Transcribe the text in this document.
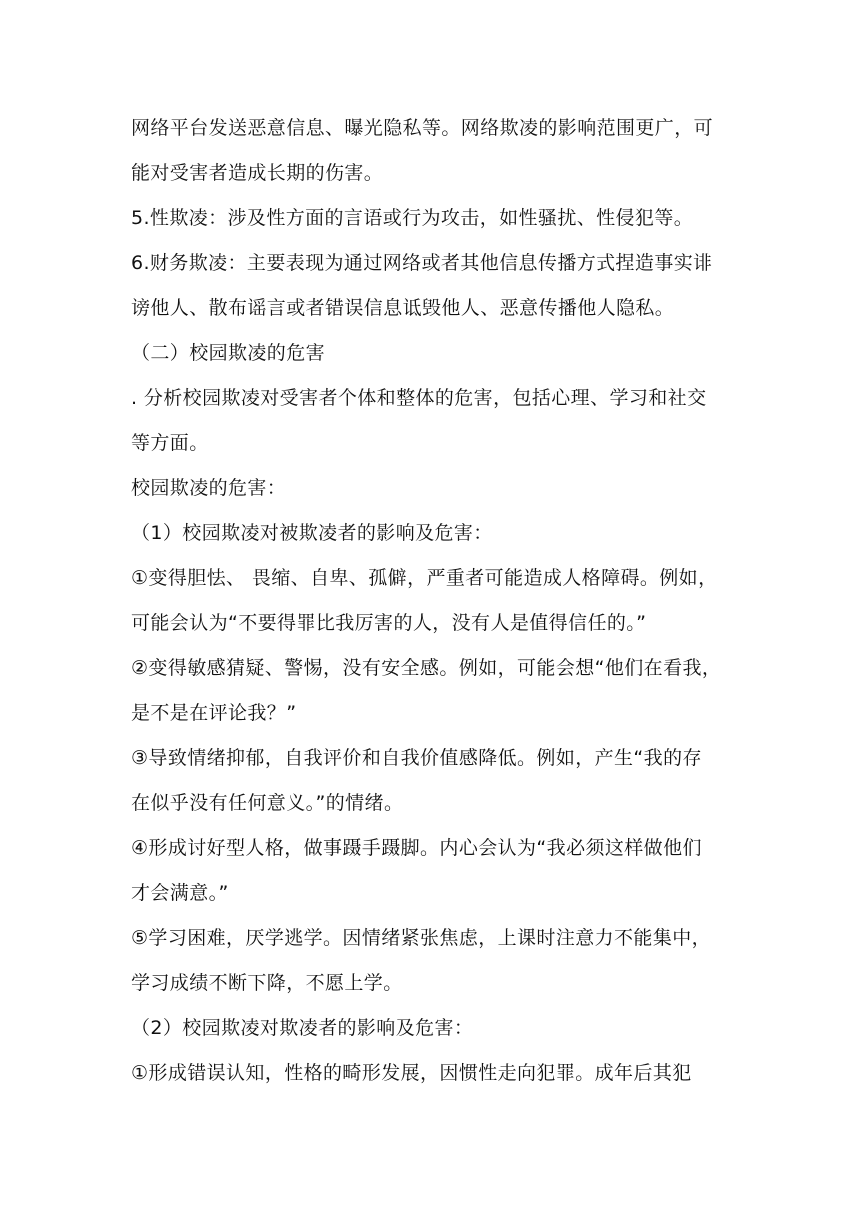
网络平台发送恶意信息、曝光隐私等。网络欺凌的影响范围更广，可
能对受害者造成长期的伤害。
5.性欺凌：涉及性方面的言语或行为攻击，如性骚扰、性侵犯等。
6.财务欺凌：主要表现为通过网络或者其他信息传播方式捏造事实诽
谤他人、散布谣言或者错误信息诋毁他人、恶意传播他人隐私。
（二）校园欺凌的危害
. 分析校园欺凌对受害者个体和整体的危害，包括心理、学习和社交
等方面。
校园欺凌的危害：
（1）校园欺凌对被欺凌者的影响及危害：
①变得胆怯、 畏缩、自卑、孤僻，严重者可能造成人格障碍。例如，
可能会认为“不要得罪比我厉害的人，没有人是值得信任的。”
②变得敏感猜疑、警惕，没有安全感。例如，可能会想“他们在看我，
是不是在评论我？”
③导致情绪抑郁，自我评价和自我价值感降低。例如，产生“我的存
在似乎没有任何意义。”的情绪。
④形成讨好型人格，做事蹑手蹑脚。内心会认为“我必须这样做他们
才会满意。”
⑤学习困难，厌学逃学。因情绪紧张焦虑，上课时注意力不能集中，
学习成绩不断下降，不愿上学。
（2）校园欺凌对欺凌者的影响及危害：
①形成错误认知，性格的畸形发展，因惯性走向犯罪。成年后其犯
